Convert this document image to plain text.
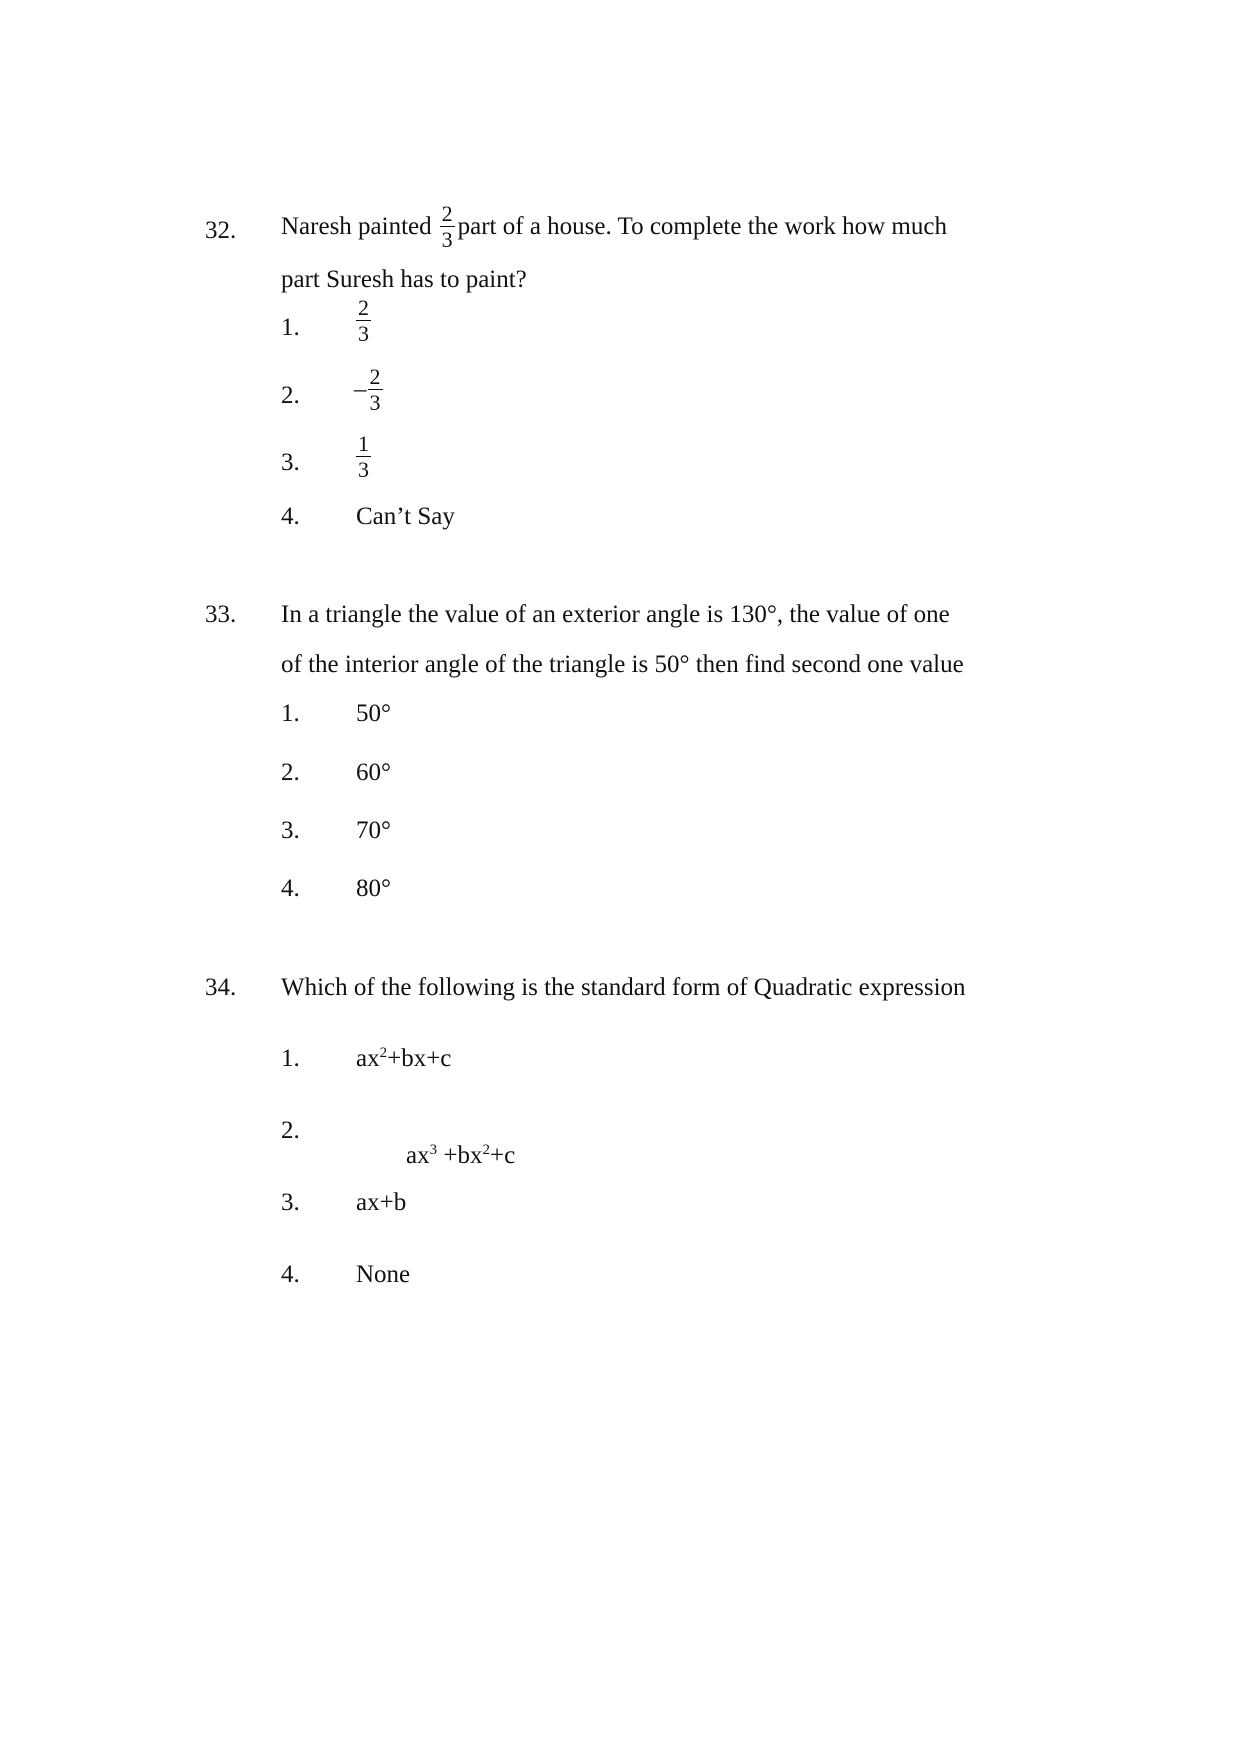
32. Naresh painted $\frac{2}{3}$ part of a house. To complete the work how much
part Suresh has to paint?
1.	$\frac{2}{3}$
2. – $\frac{2}{3}$
3.	$\frac{1}{3}$
4. Can’t Say
33. In a triangle the value of an exterior angle is 130°, the value of one
of the interior angle of the triangle is 50° then find second one value
1. 50°
2. 60°
3. 70°
4. 80°
34. Which of the following is the standard form of Quadratic expression
1. $ax^2+bx+c$
2.

$ax^3 +bx^2+c$

3. ax+b
4. None
